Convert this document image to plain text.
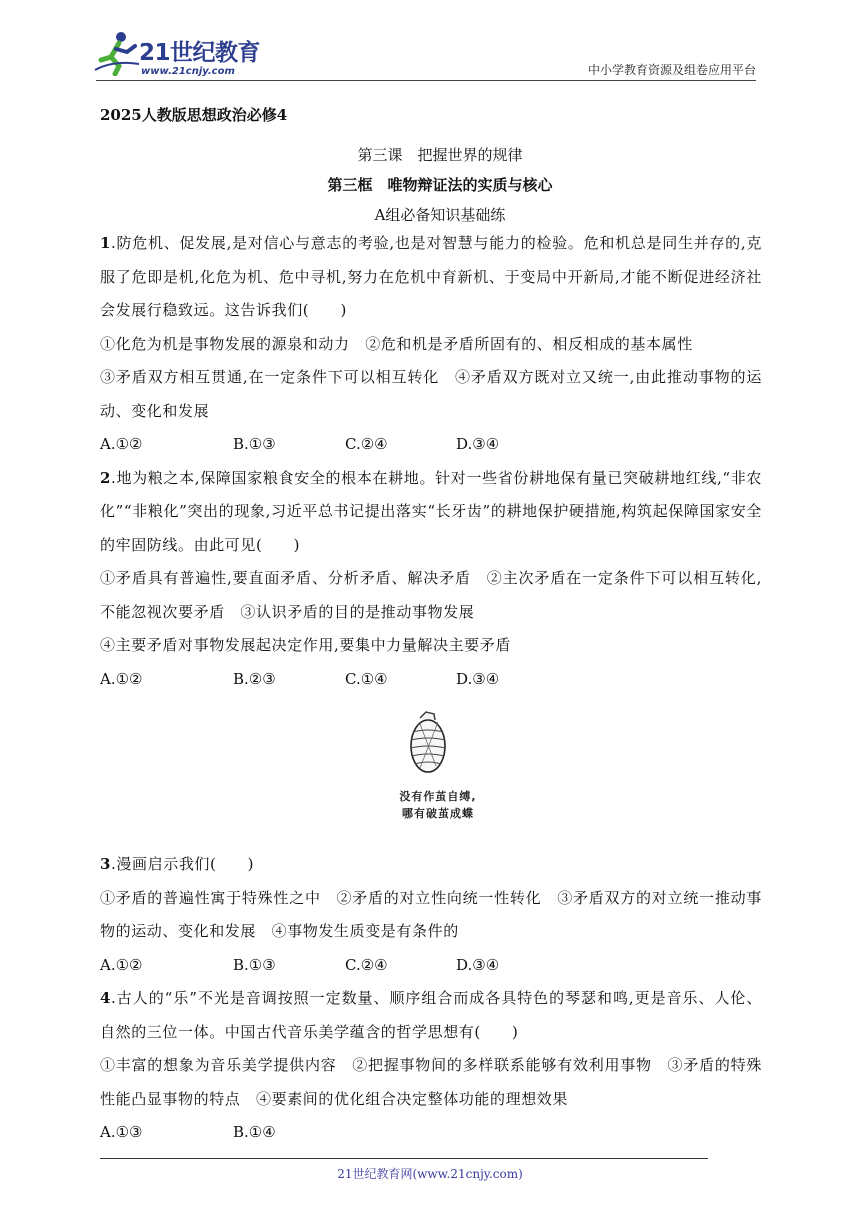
21世纪教育
www.21cnjy.com	中小学教育资源及组卷应用平台
2025人教版思想政治必修4
第三课　把握世界的规律
第三框　唯物辩证法的实质与核心
A组必备知识基础练
1.防危机、促发展,是对信心与意志的考验,也是对智慧与能力的检验。危和机总是同生并存的,克服了危即是机,化危为机、危中寻机,努力在危机中育新机、于变局中开新局,才能不断促进经济社会发展行稳致远。这告诉我们(　　)
①化危为机是事物发展的源泉和动力　②危和机是矛盾所固有的、相反相成的基本属性
③矛盾双方相互贯通,在一定条件下可以相互转化　④矛盾双方既对立又统一,由此推动事物的运动、变化和发展
A.①②	B.①③	C.②④	D.③④
2.地为粮之本,保障国家粮食安全的根本在耕地。针对一些省份耕地保有量已突破耕地红线,“非农化”“非粮化”突出的现象,习近平总书记提出落实“长牙齿”的耕地保护硬措施,构筑起保障国家安全的牢固防线。由此可见(　　)
①矛盾具有普遍性,要直面矛盾、分析矛盾、解决矛盾　②主次矛盾在一定条件下可以相互转化,不能忽视次要矛盾　③认识矛盾的目的是推动事物发展
④主要矛盾对事物发展起决定作用,要集中力量解决主要矛盾
A.①②	B.②③	C.①④	D.③④
没有作茧自缚,
哪有破茧成蝶
3.漫画启示我们(　　)
①矛盾的普遍性寓于特殊性之中　②矛盾的对立性向统一性转化　③矛盾双方的对立统一推动事物的运动、变化和发展　④事物发生质变是有条件的
A.①②	B.①③	C.②④	D.③④
4.古人的“乐”不光是音调按照一定数量、顺序组合而成各具特色的琴瑟和鸣,更是音乐、人伦、自然的三位一体。中国古代音乐美学蕴含的哲学思想有(　　)
①丰富的想象为音乐美学提供内容　②把握事物间的多样联系能够有效利用事物　③矛盾的特殊性能凸显事物的特点　④要素间的优化组合决定整体功能的理想效果
A.①③	B.①④
21世纪教育网(www.21cnjy.com)
